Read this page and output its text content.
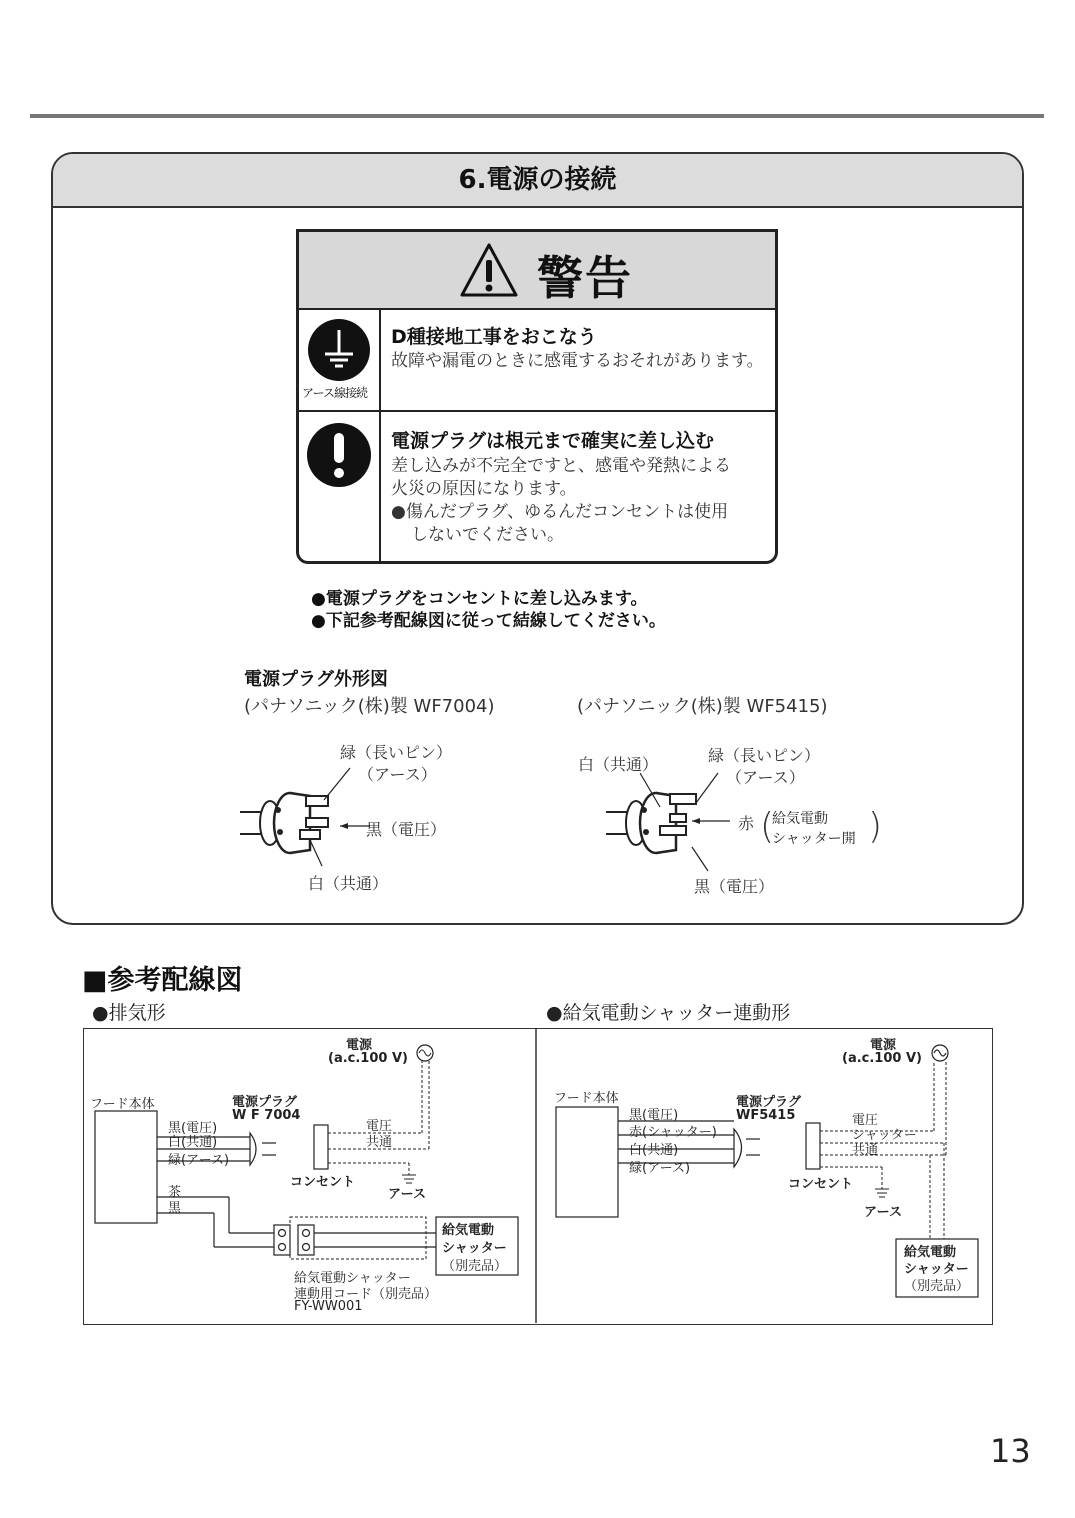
6.電源の接続
警告
アース線接続
D種接地工事をおこなう
故障や漏電のときに感電するおそれがあります。
電源プラグは根元まで確実に差し込む
差し込みが不完全ですと、感電や発熱による
火災の原因になります。
●傷んだプラグ、ゆるんだコンセントは使用
しないでください。
●電源プラグをコンセントに差し込みます。
●下記参考配線図に従って結線してください。
電源プラグ外形図
(パナソニック(株)製 WF7004)	(パナソニック(株)製 WF5415)
緑（長いピン）
（アース）
黒（電圧）
白（共通）
白（共通）	緑（長いピン）
（アース）
赤 (
給気電動
シャッター開 )
黒（電圧）
■参考配線図
●排気形	●給気電動シャッター連動形
電源
(a.c.100 V)
フード本体	電源プラグ
W F 7004
黒(電圧)
白(共通)
緑(アース)
茶
黒
電圧
共通
コンセント
アース
給気電動
シャッター
（別売品）
給気電動シャッター
連動用コード（別売品）
FY-WW001
電源
(a.c.100 V)
フード本体	電源プラグ
WF5415
黒(電圧)
赤(シャッター)
白(共通)
緑(アース)
電圧
シャッター
共通
コンセント
アース
給気電動
シャッター
（別売品）
13
